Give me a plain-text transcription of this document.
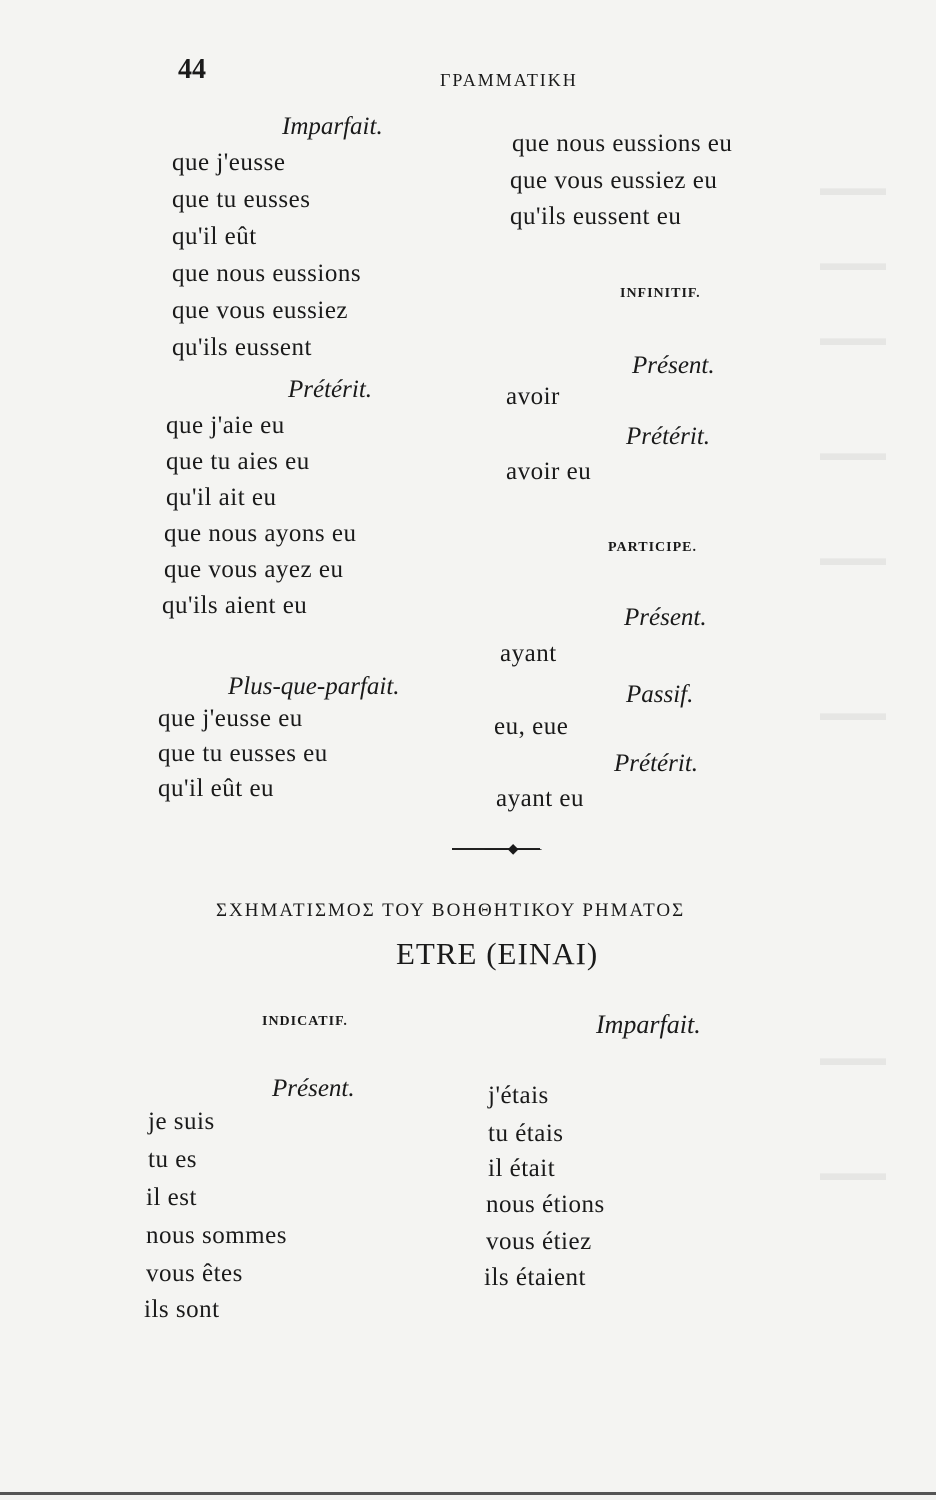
▬▬▬
▬▬▬
▬▬▬
▬▬▬
▬▬▬
▬▬▬
▬▬▬
▬▬▬
44	ΓΡΑΜΜΑΤΙΚΗ
Imparfait.
que j'eusse
que tu eusses
qu'il eût
que nous eussions
que vous eussiez
qu'ils eussent
Prétérit.
que j'aie eu
que tu aies eu
qu'il ait eu
que nous ayons eu
que vous ayez eu
qu'ils aient eu
Plus-que-parfait.
que j'eusse eu
que tu eusses eu
qu'il eût eu
que nous eussions eu
que vous eussiez eu
qu'ils eussent eu
INFINITIF.
Présent.
avoir
Prétérit.
avoir eu
PARTICIPE.
Présent.
ayant
Passif.
eu, eue
Prétérit.
ayant eu
⸺◆⸺
ΣΧΗΜΑΤΙΣΜΟΣ ΤΟΥ ΒΟΗΘΗΤΙΚΟΥ ΡΗΜΑΤΟΣ
ETRE (ΕΙΝΑΙ)
INDICATIF.	Imparfait.
Présent.
je suis
tu es
il est
nous sommes
vous êtes
ils sont
j'étais
tu étais
il était
nous étions
vous étiez
ils étaient
